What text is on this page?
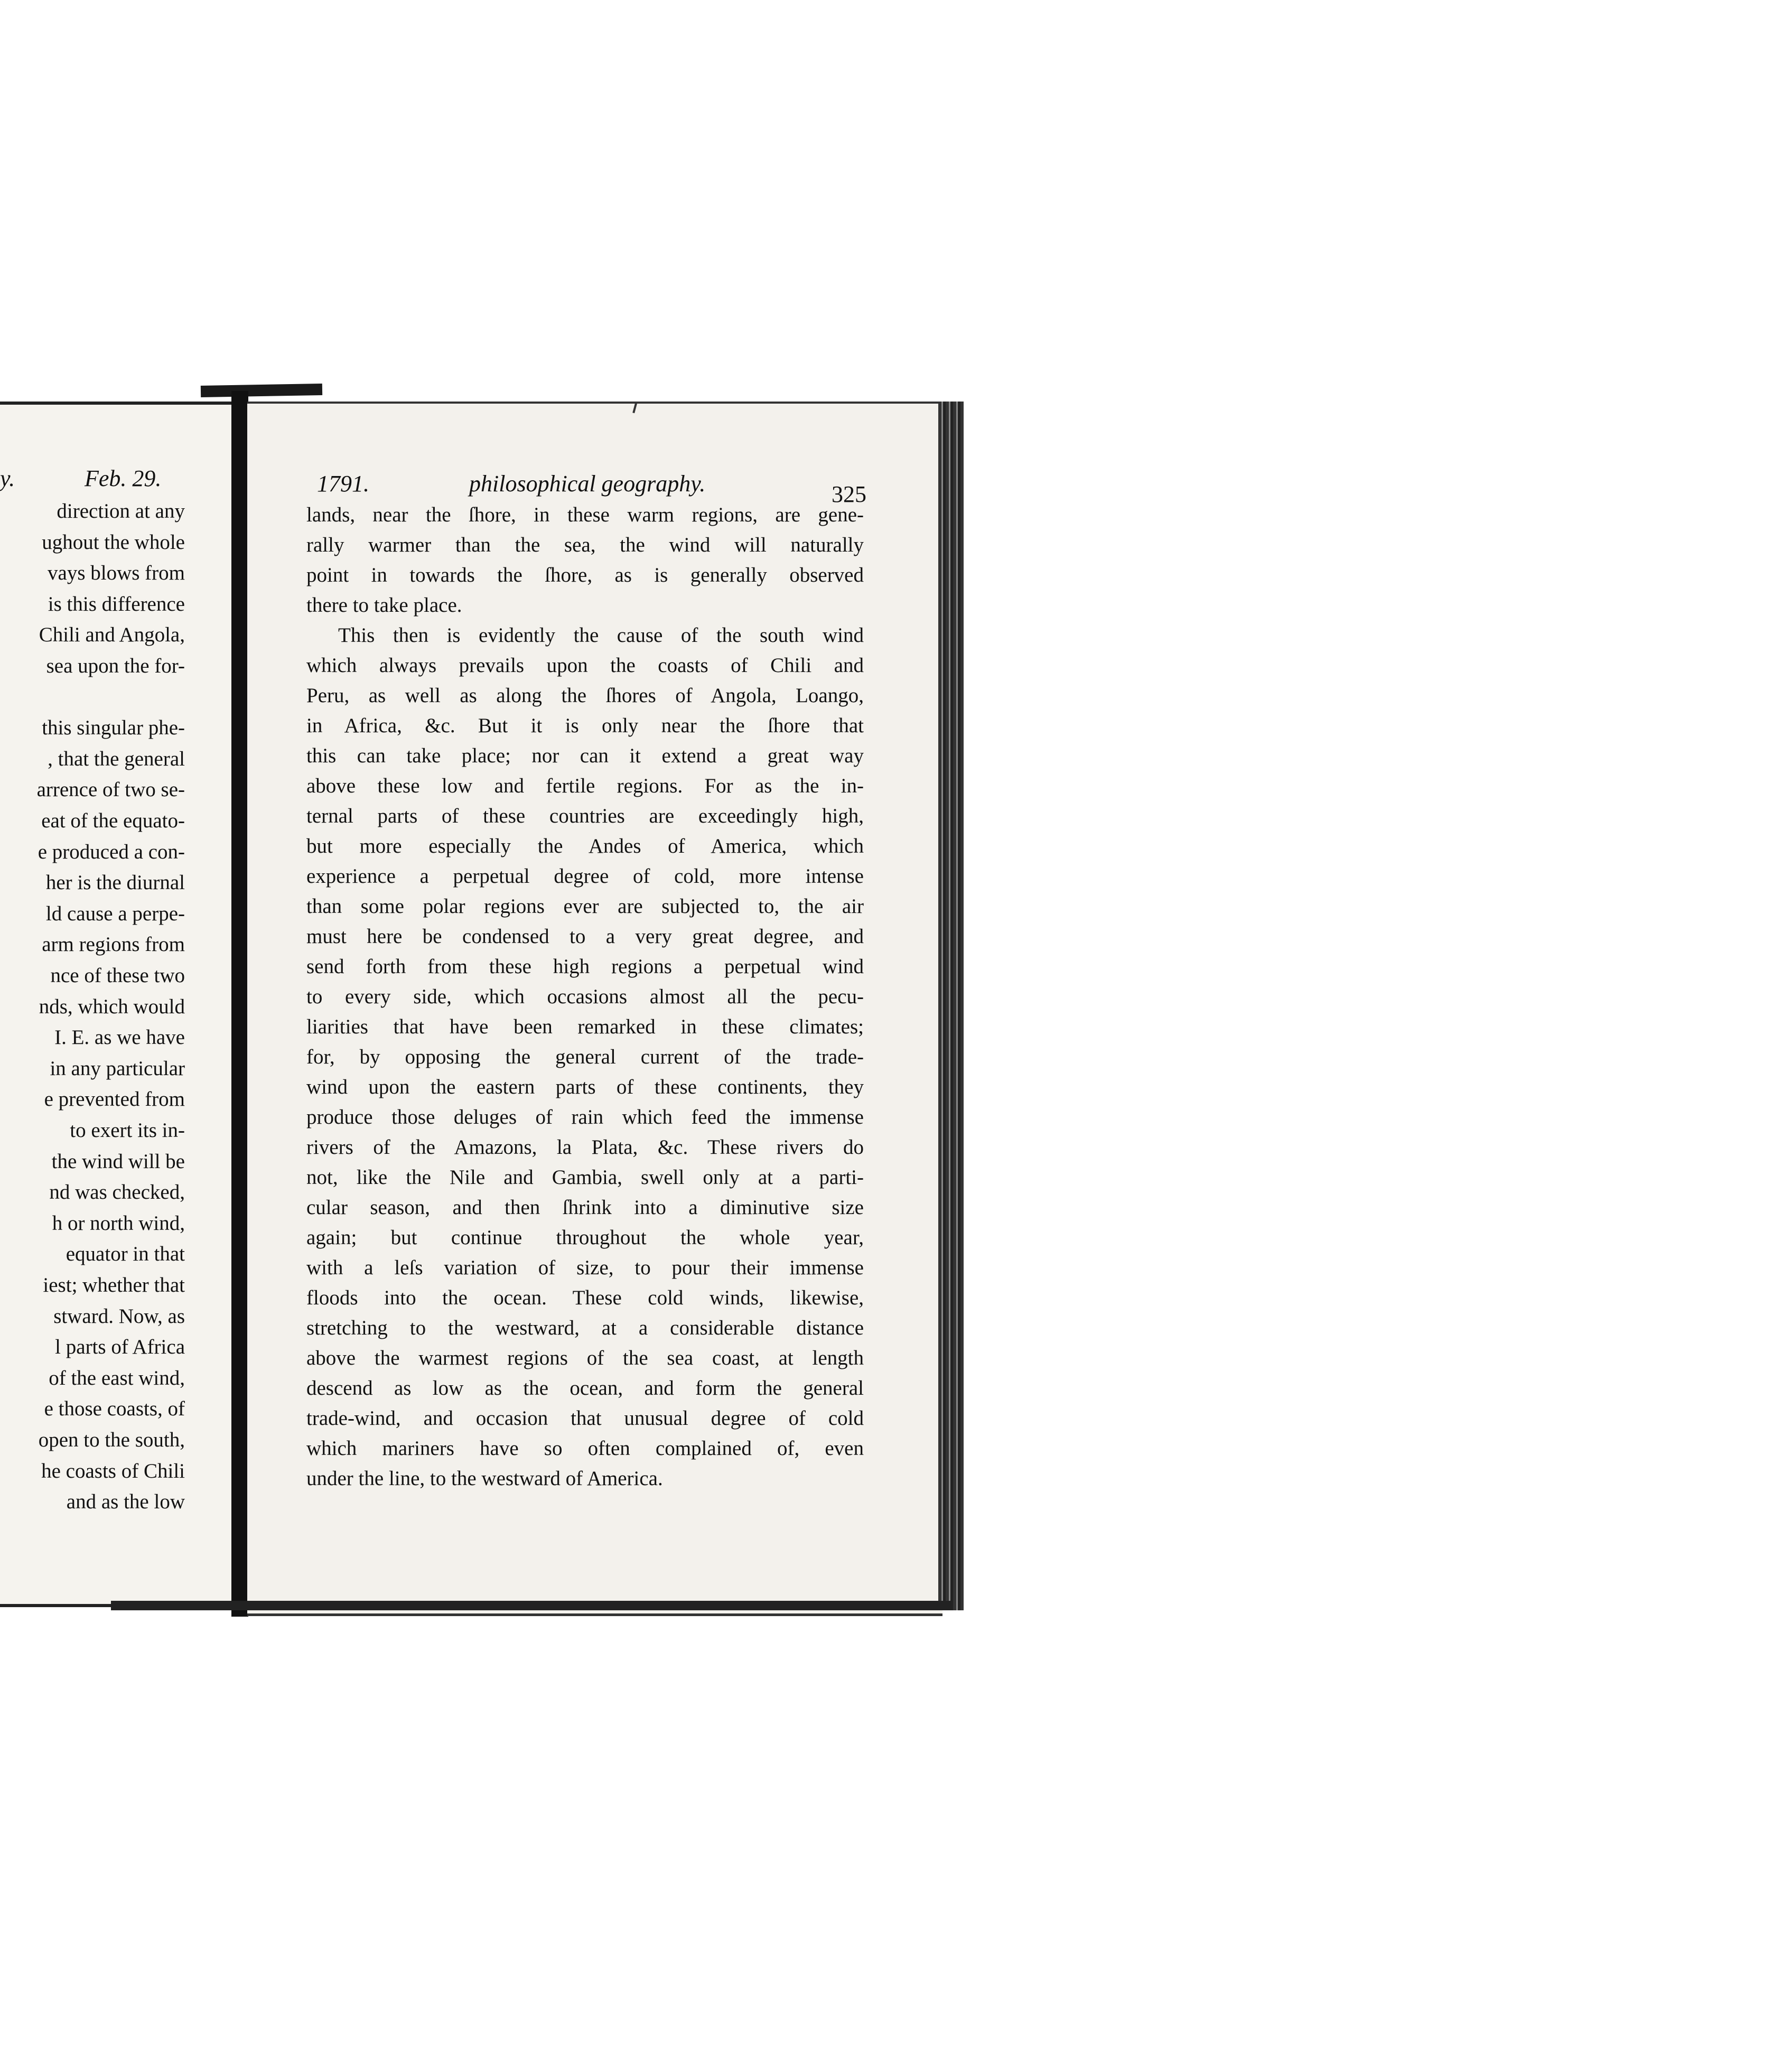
y.	Feb. 29.	1791.	philosophical geography.	325
direction at any
ughout the whole
vays blows from
is this difference
Chili and Angola,
sea upon the for-
this singular phe-
, that the general
arrence of two se-
eat of the equato-
e produced a con-
her is the diurnal
ld cause a perpe-
arm regions from
nce of these two
nds, which would
I. E. as we have
in any particular
e prevented from
to exert its in-
the wind will be
nd was checked,
h or north wind,
equator in that
iest; whether that
stward. Now, as
l parts of Africa
of the east wind,
e those coasts, of
open to the south,
he coasts of Chili
and as the low
lands, near the ſhore, in these warm regions, are gene-
rally warmer than the sea, the wind will naturally
point in towards the ſhore, as is generally observed
there to take place.
This then is evidently the cause of the south wind
which always prevails upon the coasts of Chili and
Peru, as well as along the ſhores of Angola, Loango,
in Africa, &c. But it is only near the ſhore that
this can take place; nor can it extend a great way
above these low and fertile regions. For as the in-
ternal parts of these countries are exceedingly high,
but more especially the Andes of America, which
experience a perpetual degree of cold, more intense
than some polar regions ever are subjected to, the air
must here be condensed to a very great degree, and
send forth from these high regions a perpetual wind
to every side, which occasions almost all the pecu-
liarities that have been remarked in these climates;
for, by opposing the general current of the trade-
wind upon the eastern parts of these continents, they
produce those deluges of rain which feed the immense
rivers of the Amazons, la Plata, &c. These rivers do
not, like the Nile and Gambia, swell only at a parti-
cular season, and then ſhrink into a diminutive size
again; but continue throughout the whole year,
with a leſs variation of size, to pour their immense
floods into the ocean. These cold winds, likewise,
stretching to the westward, at a considerable distance
above the warmest regions of the sea coast, at length
descend as low as the ocean, and form the general
trade-wind, and occasion that unusual degree of cold
which mariners have so often complained of, even
under the line, to the westward of America.
